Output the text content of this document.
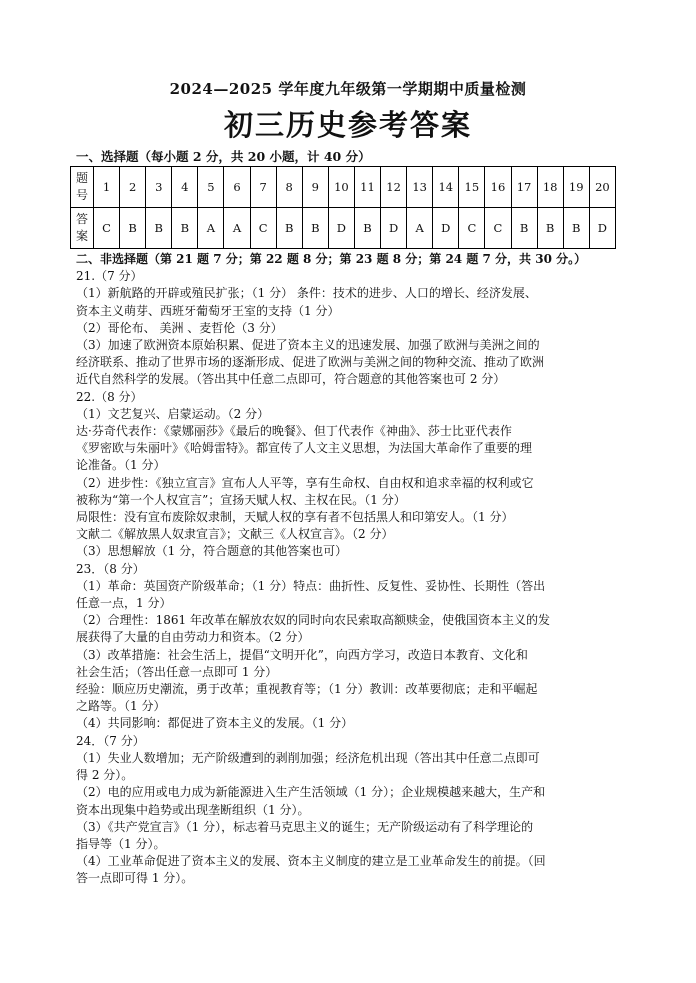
2024—2025 学年度九年级第一学期期中质量检测
初三历史参考答案
一、选择题（每小题 2 分，共 20 小题，计 40 分）
题号	1	2	3	4	5	6	7	8	9	10	11	12	13	14	15	16	17	18	19	20
答案	C	B	B	B	A	A	C	B	B	D	B	D	A	D	C	C	B	B	B	D

二、非选择题（第 21 题 7 分；第 22 题 8 分；第 23 题 8 分；第 24 题 7 分，共 30 分。）

21.（7 分）

（1）新航路的开辟或殖民扩张；（1 分） 条件：技术的进步、人口的增长、经济发展、

资本主义萌芽、西班牙葡萄牙王室的支持（1 分）

（2）哥伦布、 美洲 、麦哲伦（3 分）

（3）加速了欧洲资本原始积累、促进了资本主义的迅速发展、加强了欧洲与美洲之间的

经济联系、推动了世界市场的逐渐形成、促进了欧洲与美洲之间的物种交流、推动了欧洲

近代自然科学的发展。（答出其中任意二点即可，符合题意的其他答案也可 2 分）

22.（8 分）

（1）文艺复兴、启蒙运动。（2 分）

达·芬奇代表作：《蒙娜丽莎》《最后的晚餐》、但丁代表作《神曲》、莎士比亚代表作

《罗密欧与朱丽叶》《哈姆雷特》。都宣传了人文主义思想，为法国大革命作了重要的理

论准备。（1 分）

（2）进步性：《独立宣言》宣布人人平等，享有生命权、自由权和追求幸福的权利或它

被称为“第一个人权宣言”；宣扬天赋人权、主权在民。（1 分）

局限性：没有宣布废除奴隶制，天赋人权的享有者不包括黑人和印第安人。（1 分）

文献二《解放黑人奴隶宣言》；文献三《人权宣言》。（2 分）

（3）思想解放（1 分，符合题意的其他答案也可）

23．（8 分）

（1）革命：英国资产阶级革命；（1 分）特点：曲折性、反复性、妥协性、长期性（答出

任意一点，1 分）

（2）合理性：1861 年改革在解放农奴的同时向农民索取高额赎金，使俄国资本主义的发

展获得了大量的自由劳动力和资本。（2 分）

（3）改革措施：社会生活上，提倡“文明开化”，向西方学习，改造日本教育、文化和

社会生活；（答出任意一点即可 1 分）

经验：顺应历史潮流，勇于改革；重视教育等；（1 分）教训：改革要彻底；走和平崛起

之路等。（1 分）

（4）共同影响：都促进了资本主义的发展。（1 分）

24．（7 分）

（1）失业人数增加；无产阶级遭到的剥削加强；经济危机出现（答出其中任意二点即可

得 2 分）。

（2）电的应用或电力成为新能源进入生产生活领域（1 分）；企业规模越来越大，生产和

资本出现集中趋势或出现垄断组织（1 分）。

（3）《共产党宣言》（1 分），标志着马克思主义的诞生；无产阶级运动有了科学理论的

指导等（1 分）。

（4）工业革命促进了资本主义的发展、资本主义制度的建立是工业革命发生的前提。（回

答一点即可得 1 分）。
